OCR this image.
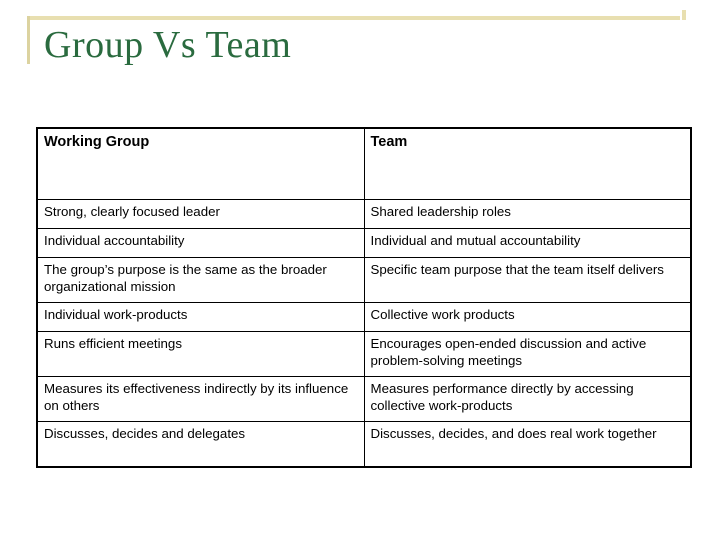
Group Vs Team
Working Group	Team
Strong, clearly focused leader	Shared leadership roles
Individual accountability	Individual and mutual accountability
The group’s purpose is the same as the broader organizational mission	Specific team purpose that the team itself delivers
Individual work-products	Collective work products
Runs efficient meetings	Encourages open-ended discussion and active problem-solving meetings
Measures its effectiveness indirectly by its influence on others	Measures performance directly by accessing collective work-products
Discusses, decides and delegates	Discusses, decides, and does real work together
